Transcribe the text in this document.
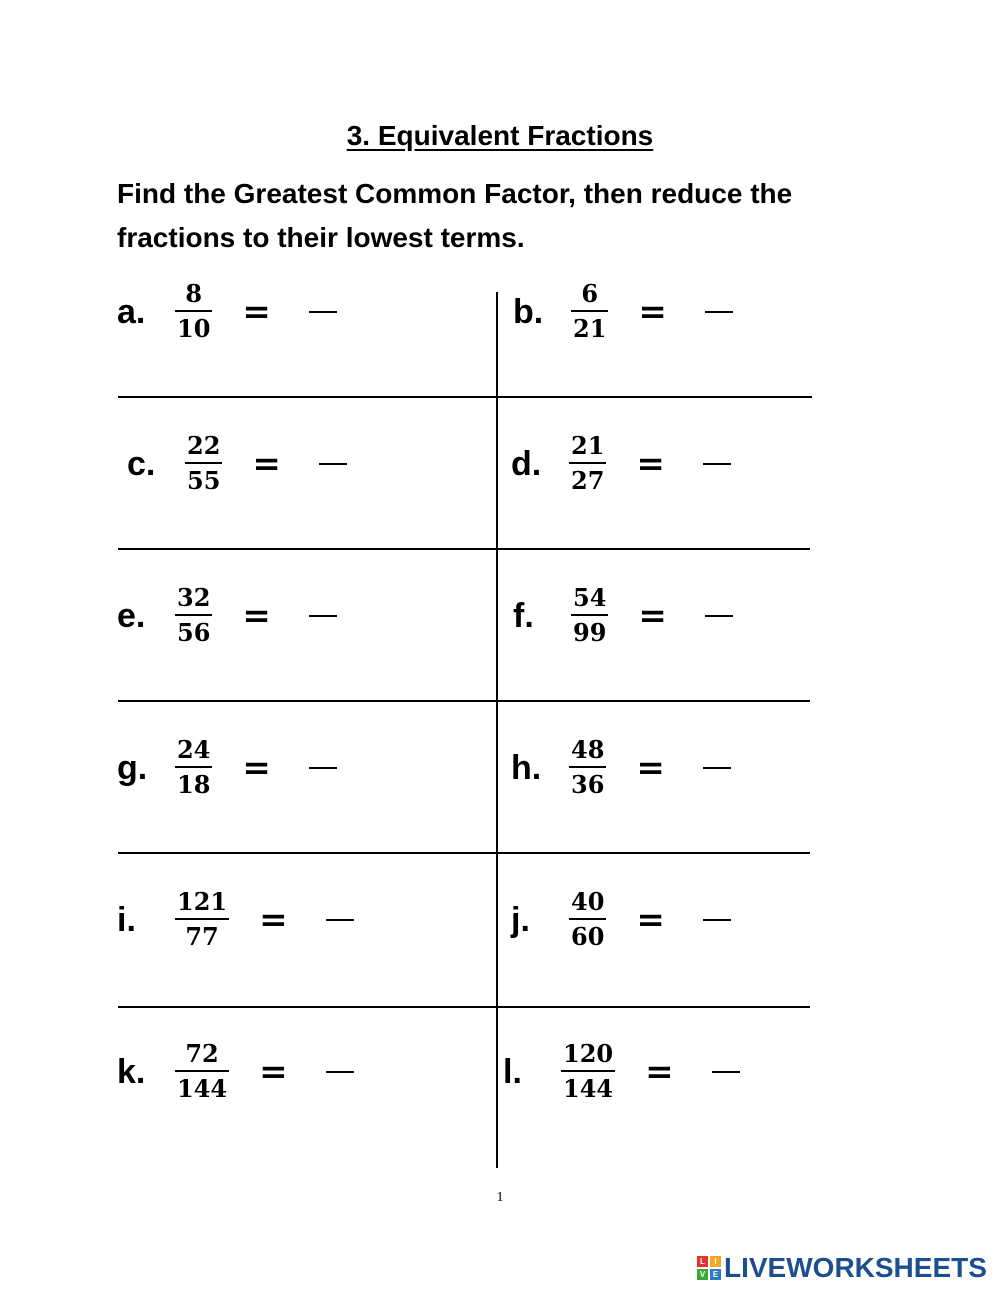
3. Equivalent Fractions
Find the Greatest Common Factor, then reduce the fractions to their lowest terms.
a.	$\frac{8}{10}$ =	b.	$\frac{6}{21}$ =
c.	$\frac{22}{55}$ =	d.	$\frac{21}{27}$ =
e.	$\frac{32}{56}$ =	f.	$\frac{54}{99}$ =
g.	$\frac{24}{18}$ =	h.	$\frac{48}{36}$ =
i.	$\frac{121}{77}$ =	j.	$\frac{40}{60}$ =
k.	$\frac{72}{144}$ =	l.	$\frac{120}{144}$ =
1
L	I
V E LIVEWORKSHEETS
